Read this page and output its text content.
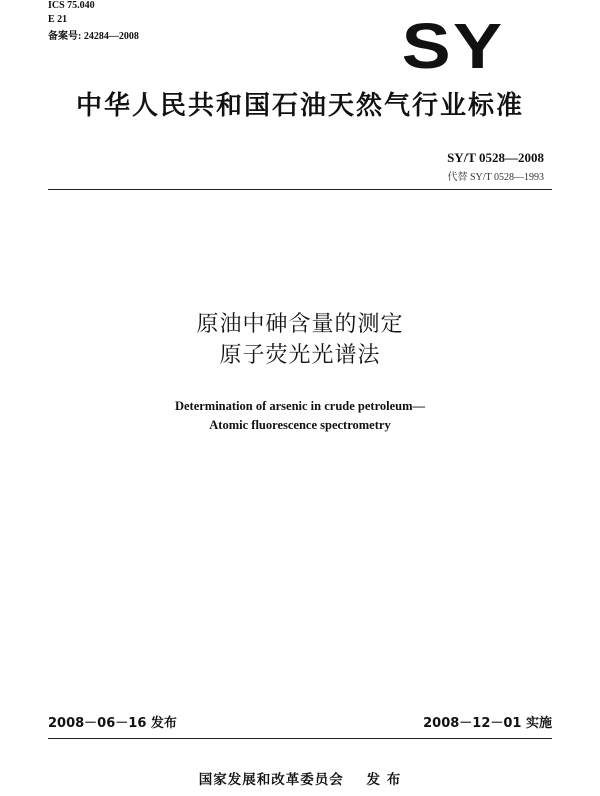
ICS 75.040
E 21
备案号: 24284—2008	SY
中华人民共和国石油天然气行业标准
SY/T 0528—2008
代替 SY/T 0528—1993
原油中砷含量的测定
原子荧光光谱法
Determination of arsenic in crude petroleum—
Atomic fluorescence spectrometry
2008－06－16 发布	2008－12－01 实施
国家发展和改革委员会    发 布
